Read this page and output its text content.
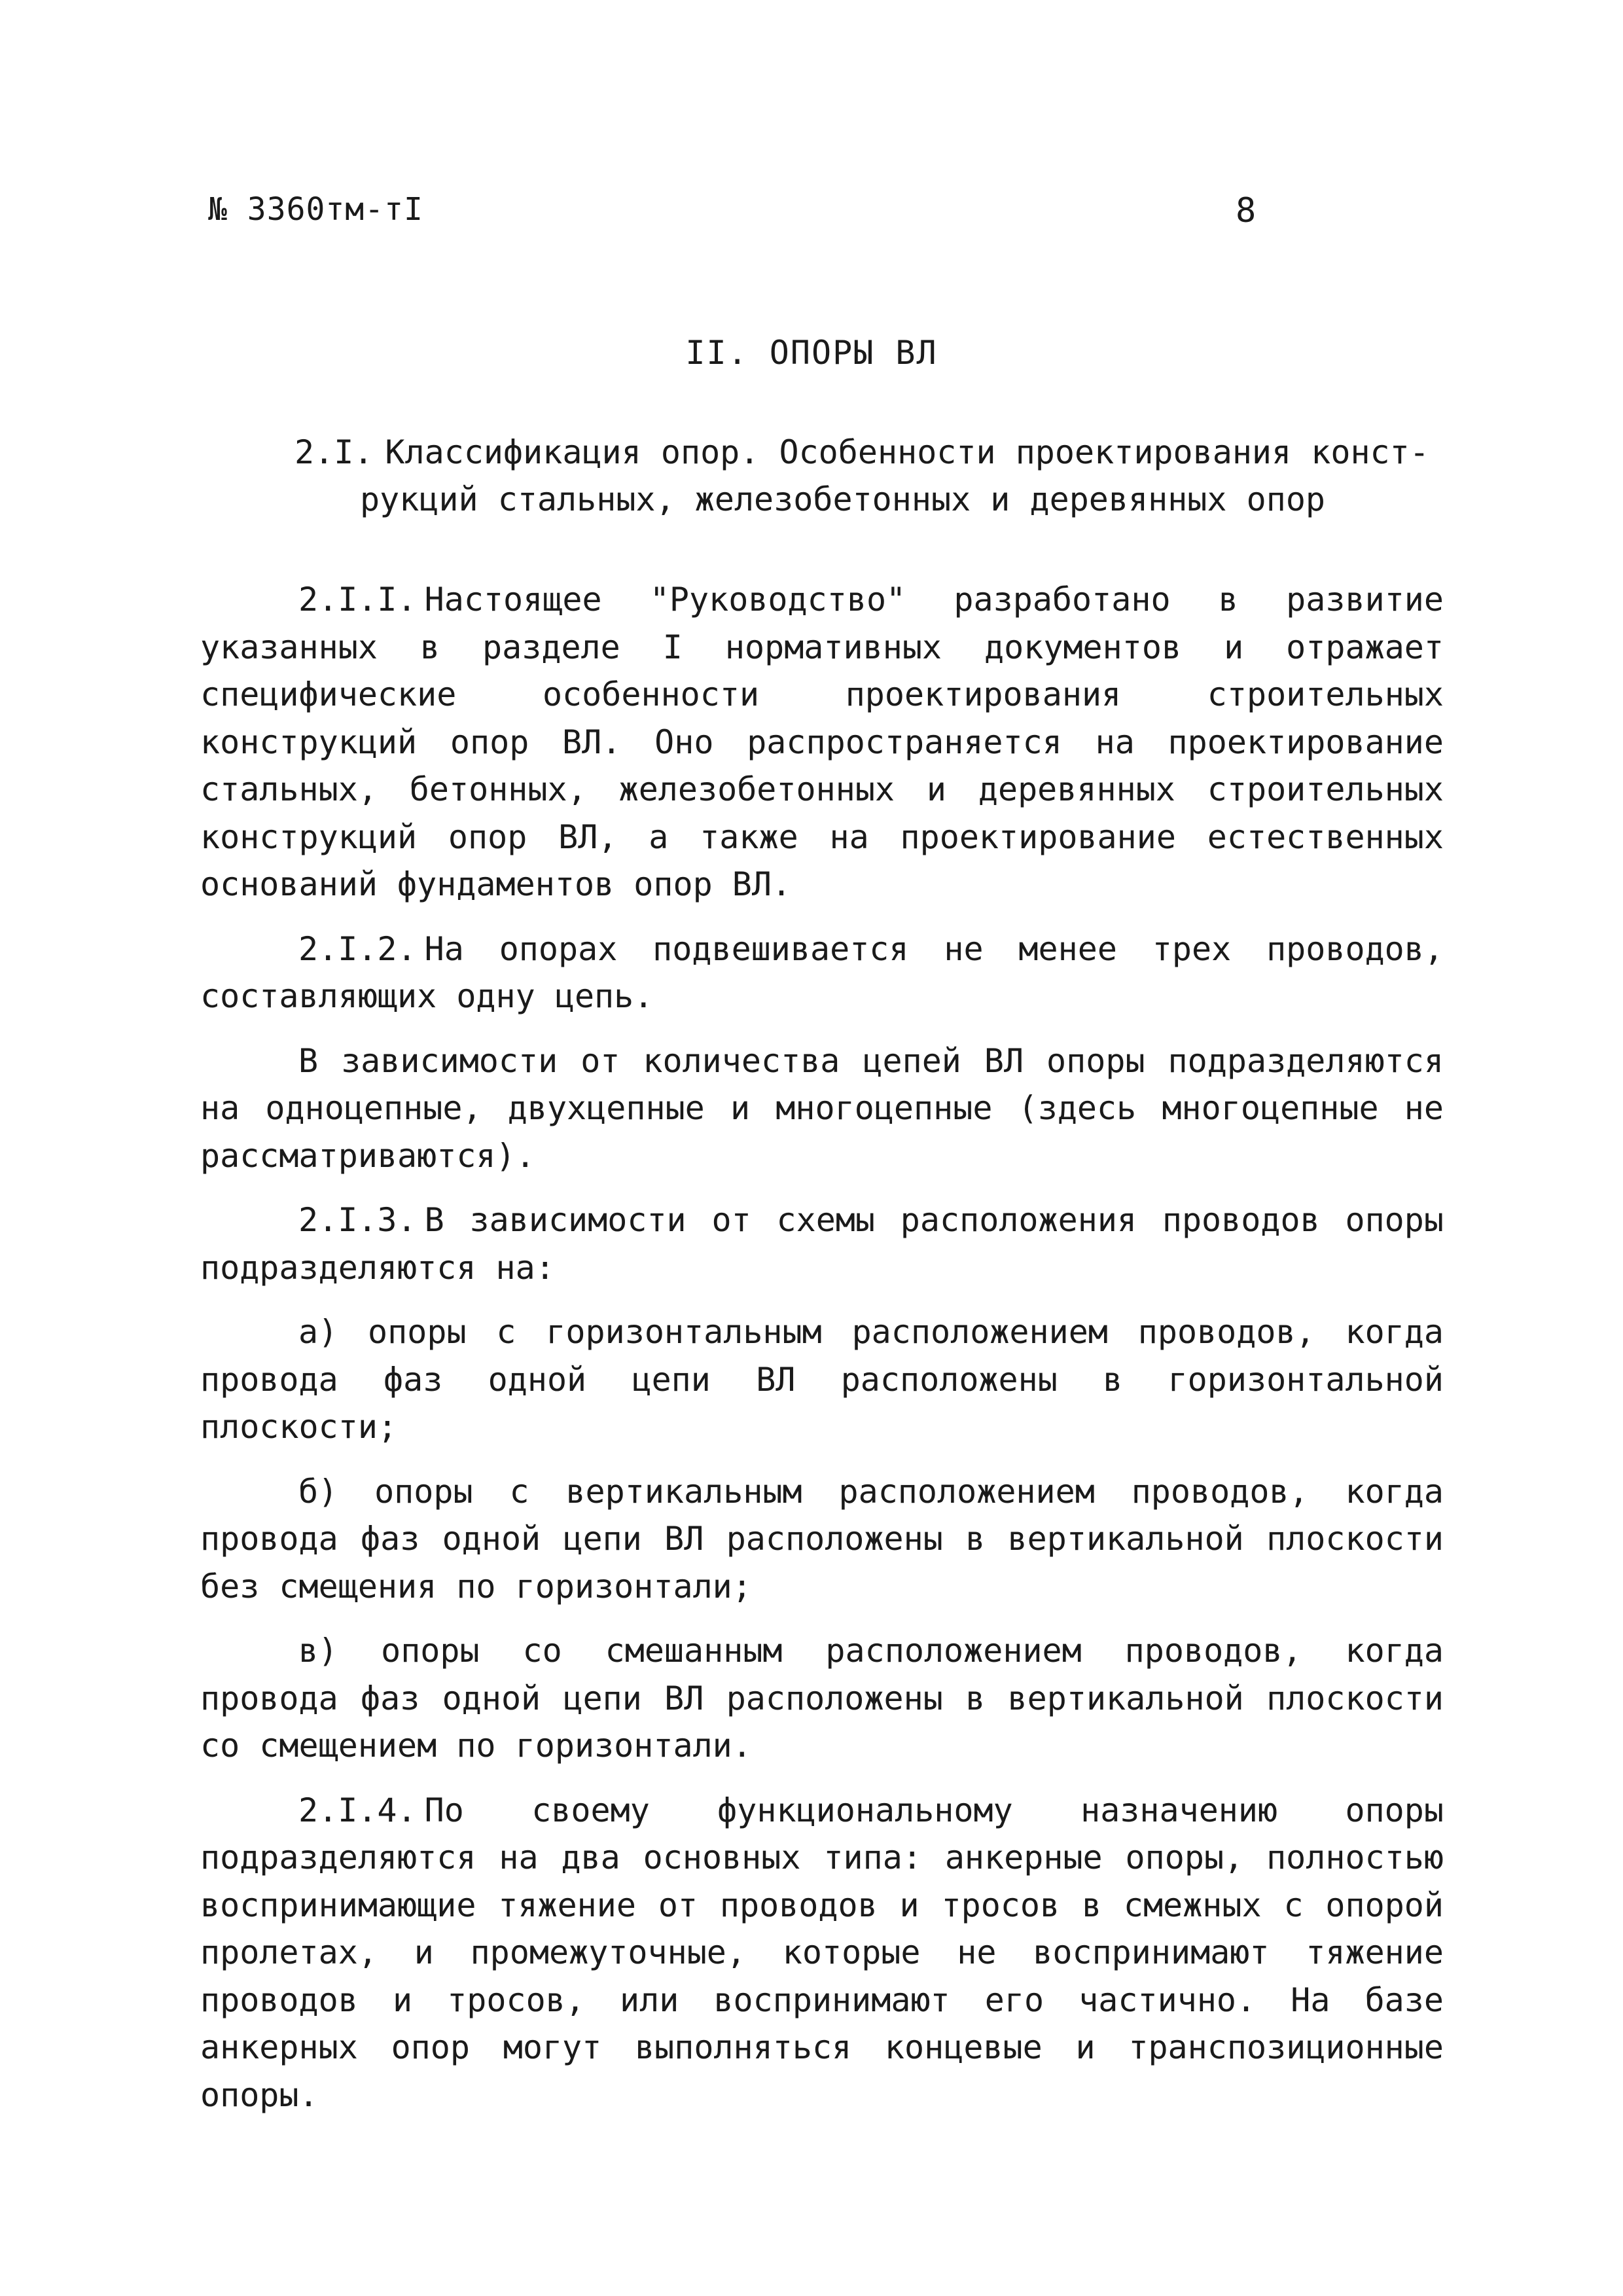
№ 3360тм-тI	8
II. ОПОРЫ ВЛ
2.I. Классификация опор. Особенности проектирования конст-
рукций стальных, железобетонных и деревянных опор

2.I.I. Настоящее "Руководство" разработано в развитие указанных в разделе I нормативных документов и отражает специфические особенности проектирования строительных конструкций опор ВЛ. Оно распространяется на проектирование стальных, бетонных, железобетонных и деревянных строительных конструкций опор ВЛ, а также на проектирование естественных оснований фундаментов опор ВЛ.

2.I.2. На опорах подвешивается не менее трех проводов, составляющих одну цепь.

В зависимости от количества цепей ВЛ опоры подразделяются на одноцепные, двухцепные и многоцепные (здесь многоцепные не рассматриваются).

2.I.3. В зависимости от схемы расположения проводов опоры подразделяются на:

а) опоры с горизонтальным расположением проводов, когда провода фаз одной цепи ВЛ расположены в горизонтальной плоскости;

б) опоры с вертикальным расположением проводов, когда провода фаз одной цепи ВЛ расположены в вертикальной плоскости без смещения по горизонтали;

в) опоры со смешанным расположением проводов, когда провода фаз одной цепи ВЛ расположены в вертикальной плоскости со смещением по горизонтали.

2.I.4. По своему функциональному назначению опоры подразделяются на два основных типа: анкерные опоры, полностью воспринимающие тяжение от проводов и тросов в смежных с опорой пролетах, и промежуточные, которые не воспринимают тяжение проводов и тросов, или воспринимают его частично. На базе анкерных опор могут выполняться концевые и транспозиционные опоры.
